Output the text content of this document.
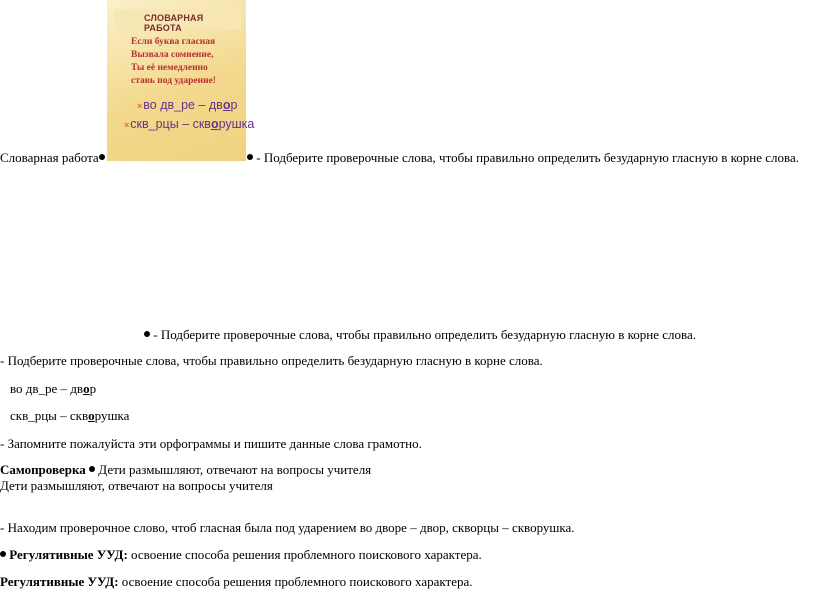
СЛОВАРНАЯ РАБОТА
Если буква гласная
Вызвала сомнение,
Ты её немедленно
ставь под ударение!
×во дв_ре – двор
×скв_рцы – скворушка
Словарная работа	- Подберите проверочные слова, чтобы правильно определить безударную гласную в корне слова.
- Подберите проверочные слова, чтобы правильно определить безударную гласную в корне слова.
- Подберите проверочные слова, чтобы правильно определить безударную гласную в корне слова.
во дв_ре – двор
скв_рцы – скворушка
- Запомните пожалуйста эти орфограммы и пишите данные слова грамотно.
Самопроверка  Дети размышляют, отвечают на вопросы учителя
Дети размышляют, отвечают на вопросы учителя
- Находим проверочное слово, чтоб гласная была под ударением во дворе – двор, скворцы – скворушка.
Регулятивные УУД: освоение способа решения проблемного поискового характера.
Регулятивные УУД: освоение способа решения проблемного поискового характера.
